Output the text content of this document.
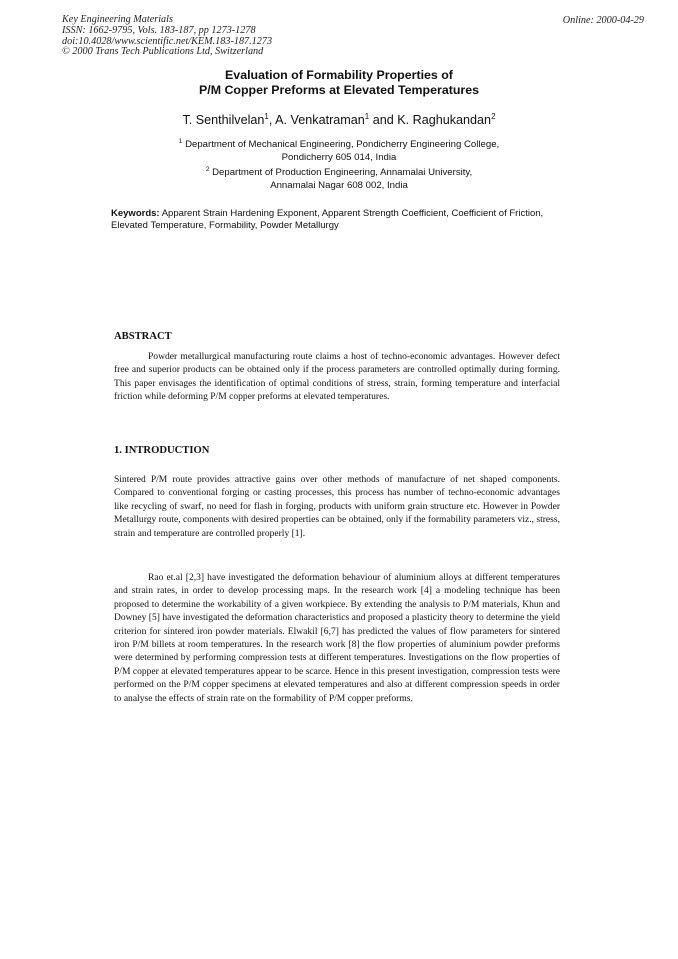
Key Engineering Materials
ISSN: 1662-9795, Vols. 183-187, pp 1273-1278
doi:10.4028/www.scientific.net/KEM.183-187.1273
© 2000 Trans Tech Publications Ltd, Switzerland
Online: 2000-04-29
Evaluation of Formability Properties of
P/M Copper Preforms at Elevated Temperatures
T. Senthilvelan$^1$, A. Venkatraman$^1$ and K. Raghukandan$^2$
$^1$ Department of Mechanical Engineering, Pondicherry Engineering College,
Pondicherry 605 014, India
$^2$ Department of Production Engineering, Annamalai University,
Annamalai Nagar 608 002, India
Keywords: Apparent Strain Hardening Exponent, Apparent Strength Coefficient, Coefficient of Friction, Elevated Temperature, Formability, Powder Metallurgy
ABSTRACT
Powder metallurgical manufacturing route claims a host of techno-economic advantages. However defect free and superior products can be obtained only if the process parameters are controlled optimally during forming. This paper envisages the identification of optimal conditions of stress, strain, forming temperature and interfacial friction while deforming P/M copper preforms at elevated temperatures.
1. INTRODUCTION
Sintered P/M route provides attractive gains over other methods of manufacture of net shaped components. Compared to conventional forging or casting processes, this process has number of techno-economic advantages like recycling of swarf, no need for flash in forging, products with uniform grain structure etc. However in Powder Metallurgy route, components with desired properties can be obtained, only if the formability parameters viz., stress, strain and temperature are controlled properly [1].
Rao et.al [2,3] have investigated the deformation behaviour of aluminium alloys at different temperatures and strain rates, in order to develop processing maps. In the research work [4] a modeling technique has been proposed to determine the workability of a given workpiece. By extending the analysis to P/M materials, Khun and Downey [5] have investigated the deformation characteristics and proposed a plasticity theory to determine the yield criterion for sintered iron powder materials. Elwakil [6,7] has predicted the values of flow parameters for sintered iron P/M billets at room temperatures. In the research work [8] the flow properties of aluminium powder preforms were determined by performing compression tests at different temperatures. Investigations on the flow properties of P/M copper at elevated temperatures appear to be scarce. Hence in this present investigation, compression tests were performed on the P/M copper specimens at elevated temperatures and also at different compression speeds in order to analyse the effects of strain rate on the formability of P/M copper preforms.
